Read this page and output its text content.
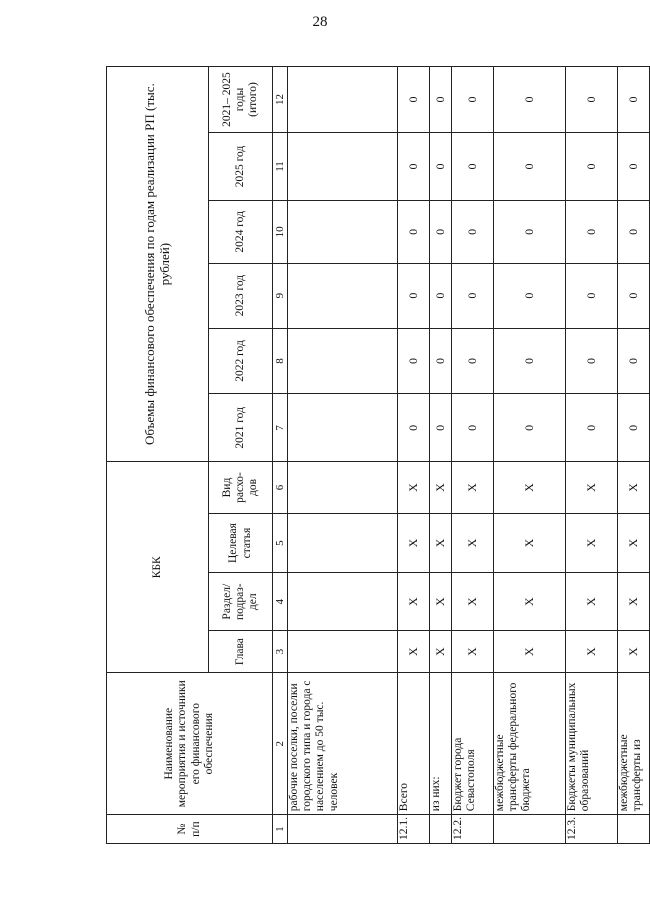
28
№ п/п	Наименование мероприятия и источники его финансового обеспечения	КБК				Объемы финансового обеспечения по годам реализации РП (тыс. рублей)					
		Глава	Раздел/ подраз-дел	Целевая статья	Вид расхо-дов	2021 год	2022 год	2023 год	2024 год	2025 год	2021– 2025 годы (итого)
1	2	3	4	5	6	7	8	9	10	11	12
	рабочие поселки, поселки городского типа и города с населением до 50 тыс. человек										
12.1.	Всего	Х	Х	Х	Х	0	0	0	0	0	0
	из них:	Х	Х	Х	Х	0	0	0	0	0	0
12.2.	Бюджет города Севастополя	Х	Х	Х	Х	0	0	0	0	0	0
	межбюджетные трансферты федерального бюджета	Х	Х	Х	Х	0	0	0	0	0	0
12.3.	Бюджеты муниципальных образований	Х	Х	Х	Х	0	0	0	0	0	0
	межбюджетные трансферты из	Х	Х	Х	Х	0	0	0	0	0	0
